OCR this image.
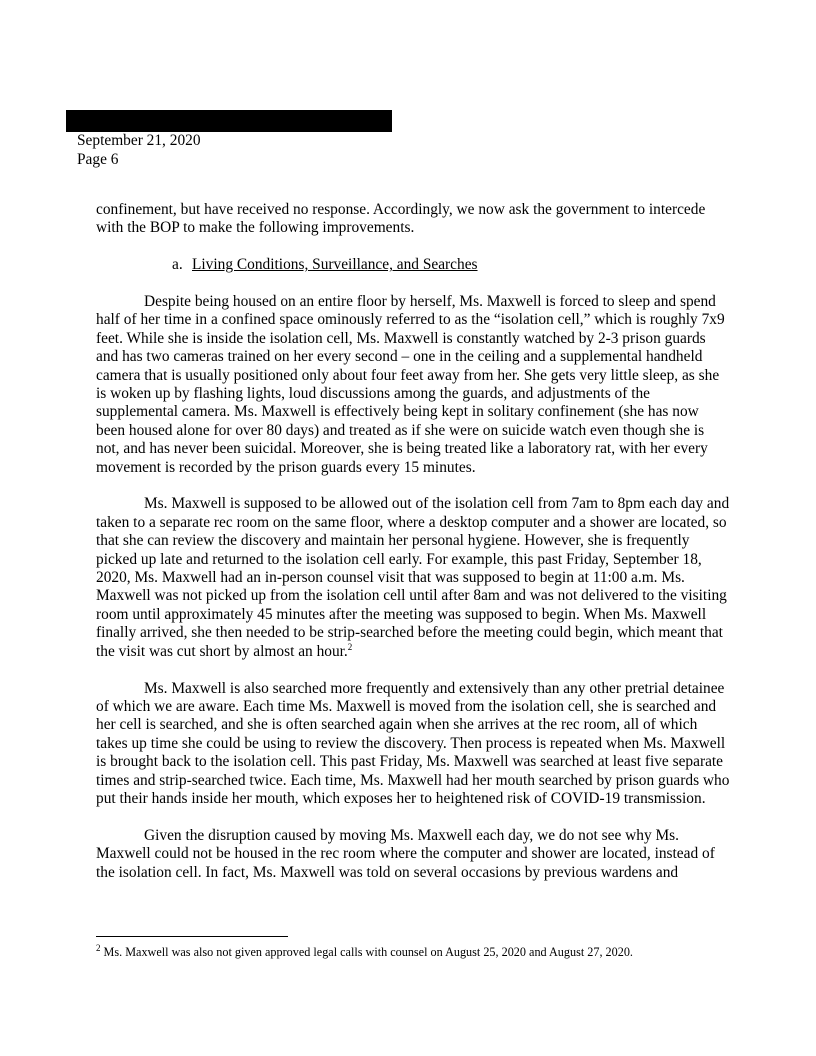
September 21, 2020
Page 6

confinement, but have received no response. Accordingly, we now ask the government to intercede with the BOP to make the following improvements.

a. Living Conditions, Surveillance, and Searches

Despite being housed on an entire floor by herself, Ms. Maxwell is forced to sleep and spend half of her time in a confined space ominously referred to as the “isolation cell,” which is roughly 7x9 feet. While she is inside the isolation cell, Ms. Maxwell is constantly watched by 2-3 prison guards and has two cameras trained on her every second – one in the ceiling and a supplemental handheld camera that is usually positioned only about four feet away from her. She gets very little sleep, as she is woken up by flashing lights, loud discussions among the guards, and adjustments of the supplemental camera. Ms. Maxwell is effectively being kept in solitary confinement (she has now been housed alone for over 80 days) and treated as if she were on suicide watch even though she is not, and has never been suicidal. Moreover, she is being treated like a laboratory rat, with her every movement is recorded by the prison guards every 15 minutes.

Ms. Maxwell is supposed to be allowed out of the isolation cell from 7am to 8pm each day and taken to a separate rec room on the same floor, where a desktop computer and a shower are located, so that she can review the discovery and maintain her personal hygiene. However, she is frequently picked up late and returned to the isolation cell early. For example, this past Friday, September 18, 2020, Ms. Maxwell had an in-person counsel visit that was supposed to begin at 11:00 a.m. Ms. Maxwell was not picked up from the isolation cell until after 8am and was not delivered to the visiting room until approximately 45 minutes after the meeting was supposed to begin. When Ms. Maxwell finally arrived, she then needed to be strip-searched before the meeting could begin, which meant that the visit was cut short by almost an hour.$^2$

Ms. Maxwell is also searched more frequently and extensively than any other pretrial detainee of which we are aware. Each time Ms. Maxwell is moved from the isolation cell, she is searched and her cell is searched, and she is often searched again when she arrives at the rec room, all of which takes up time she could be using to review the discovery. Then process is repeated when Ms. Maxwell is brought back to the isolation cell. This past Friday, Ms. Maxwell was searched at least five separate times and strip-searched twice. Each time, Ms. Maxwell had her mouth searched by prison guards who put their hands inside her mouth, which exposes her to heightened risk of COVID-19 transmission.

Given the disruption caused by moving Ms. Maxwell each day, we do not see why Ms. Maxwell could not be housed in the rec room where the computer and shower are located, instead of the isolation cell. In fact, Ms. Maxwell was told on several occasions by previous wardens and

$^2$ Ms. Maxwell was also not given approved legal calls with counsel on August 25, 2020 and August 27, 2020.
